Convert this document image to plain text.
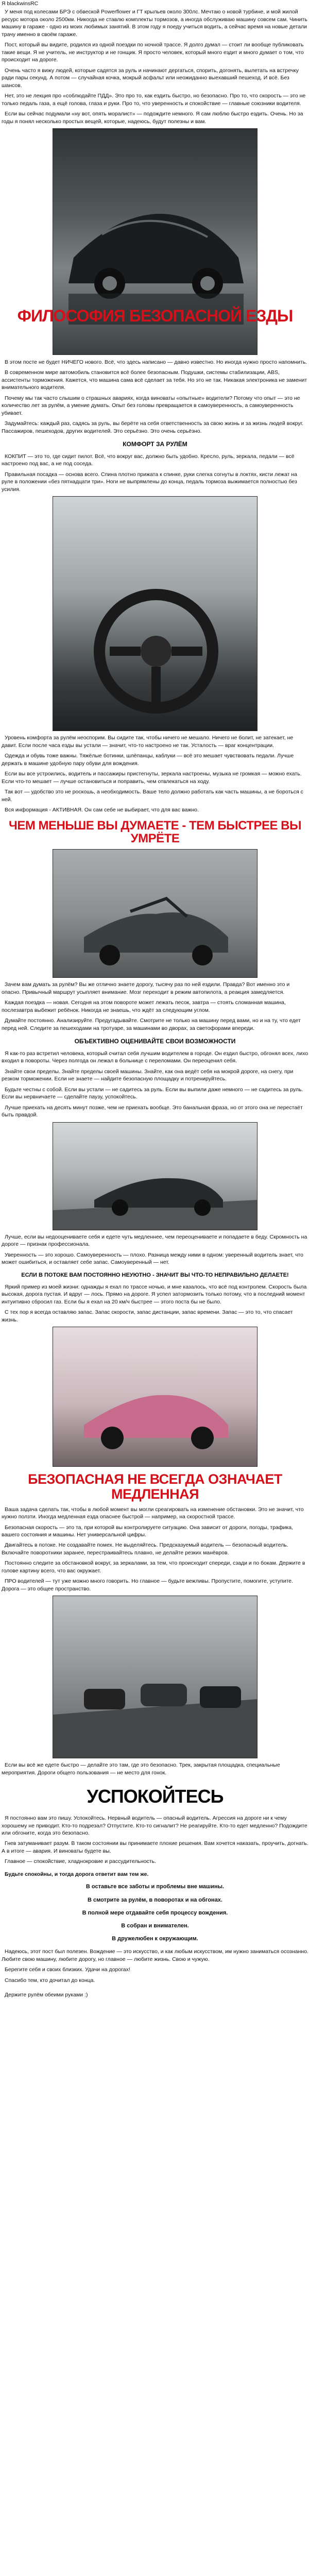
Я blackwinsRC

У меня под колесами БРЭ с обвеской Powerflower и ГТ крыльев около 300лс. Мечтаю о новой турбине, и мой жилой ресурс мотора около 2500км. Никогда не ставлю комплекты тормозов, а иногда обслуживаю машину совсем сам. Чинить машину в гараже - одно из моих любимых занятий. В этом году я поеду учиться водить, а сейчас время на новые детали трачу именно в своём гараже.

Пост, который вы видите, родился из одной поездки по ночной трассе. Я долго думал — стоит ли вообще публиковать такие вещи. Я не учитель, не инструктор и не гонщик. Я просто человек, который много ездит и много думает о том, что происходит на дороге.

Очень часто я вижу людей, которые садятся за руль и начинают дергаться, спорить, догонять, вылетать на встречку ради пары секунд. А потом — случайная кочка, мокрый асфальт или неожиданно выехавший пешеход. И всё. Без шансов.

Нет, это не лекция про «соблюдайте ПДД». Это про то, как ездить быстро, но безопасно. Про то, что скорость — это не только педаль газа, а ещё голова, глаза и руки. Про то, что уверенность и спокойствие — главные союзники водителя.

Если вы сейчас подумали «ну вот, опять моралист» — подождите немного. Я сам люблю быстро ездить. Очень. Но за годы я понял несколько простых вещей, которые, надеюсь, будут полезны и вам.

ФИЛОСОФИЯ БЕЗОПАСНОЙ ЕЗДЫ

В этом посте не будет НИЧЕГО нового. Всё, что здесь написано — давно известно. Но иногда нужно просто напомнить.

В современном мире автомобиль становится всё более безопасным. Подушки, системы стабилизации, ABS, ассистенты торможения. Кажется, что машина сама всё сделает за тебя. Но это не так. Никакая электроника не заменит внимательного водителя.

Почему мы так часто слышим о страшных авариях, когда виноваты «опытные» водители? Потому что опыт — это не количество лет за рулём, а умение думать. Опыт без головы превращается в самоуверенность, а самоуверенность убивает.

Задумайтесь: каждый раз, садясь за руль, вы берёте на себя ответственность за свою жизнь и за жизнь людей вокруг. Пассажиров, пешеходов, других водителей. Это серьёзно. Это очень серьёзно.

КОМФОРТ ЗА РУЛЁМ

КОКПИТ — это то, где сидит пилот. Всё, что вокруг вас, должно быть удобно. Кресло, руль, зеркала, педали — всё настроено под вас, а не под соседа.

Правильная посадка — основа всего. Спина плотно прижата к спинке, руки слегка согнуты в локтях, кисти лежат на руле в положении «без пятнадцати три». Ноги не выпрямлены до конца, педаль тормоза выжимается полностью без усилия.

Уровень комфорта за рулём неоспорим. Вы сидите так, чтобы ничего не мешало. Ничего не болит, не затекает, не давит. Если после часа езды вы устали — значит, что-то настроено не так. Усталость — враг концентрации.

Одежда и обувь тоже важны. Тяжёлые ботинки, шлёпанцы, каблуки — всё это мешает чувствовать педали. Лучше держать в машине удобную пару обуви для вождения.

Если вы все устроились, водитель и пассажиры пристегнуты, зеркала настроены, музыка не громкая — можно ехать. Если что-то мешает — лучше остановиться и поправить, чем отвлекаться на ходу.

Так вот — удобство это не роскошь, а необходимость. Ваше тело должно работать как часть машины, а не бороться с ней.

Вся информация - АКТИВНАЯ. Он сам себе не выбирает, что для вас важно.

ЧЕМ МЕНЬШЕ ВЫ ДУМАЕТЕ - ТЕМ БЫСТРЕЕ ВЫ УМРЁТЕ

Зачем вам думать за рулём? Вы же отлично знаете дорогу, тысячу раз по ней ездили. Правда? Вот именно это и опасно. Привычный маршрут усыпляет внимание. Мозг переходит в режим автопилота, а реакция замедляется.

Каждая поездка — новая. Сегодня на этом повороте может лежать песок, завтра — стоять сломанная машина, послезавтра выбежит ребёнок. Никогда не знаешь, что ждёт за следующим углом.

Думайте постоянно. Анализируйте. Предугадывайте. Смотрите не только на машину перед вами, но и на ту, что едет перед ней. Следите за пешеходами на тротуаре, за машинами во дворах, за светофорами впереди.

ОБЪЕКТИВНО ОЦЕНИВАЙТЕ СВОИ ВОЗМОЖНОСТИ

Я как-то раз встретил человека, который считал себя лучшим водителем в городе. Он ездил быстро, обгонял всех, лихо входил в повороты. Через полгода он лежал в больнице с переломами. Он переоценил себя.

Знайте свои пределы. Знайте пределы своей машины. Знайте, как она ведёт себя на мокрой дороге, на снегу, при резком торможении. Если не знаете — найдите безопасную площадку и потренируйтесь.

Будьте честны с собой. Если вы устали — не садитесь за руль. Если вы выпили даже немного — не садитесь за руль. Если вы нервничаете — сделайте паузу, успокойтесь.

Лучше приехать на десять минут позже, чем не приехать вообще. Это банальная фраза, но от этого она не перестаёт быть правдой.

Лучше, если вы недооцениваете себя и едете чуть медленнее, чем переоцениваете и попадаете в беду. Скромность на дороге — признак профессионала.

Уверенность — это хорошо. Самоуверенность — плохо. Разница между ними в одном: уверенный водитель знает, что может ошибиться, и оставляет себе запас. Самоуверенный — нет.

ЕСЛИ В ПОТОКЕ ВАМ ПОСТОЯННО НЕУЮТНО - ЗНАЧИТ ВЫ ЧТО-ТО НЕПРАВИЛЬНО ДЕЛАЕТЕ!

Яркий пример из моей жизни: однажды я ехал по трассе ночью, и мне казалось, что всё под контролем. Скорость была высокая, дорога пустая. И вдруг — лось. Прямо на дороге. Я успел затормозить только потому, что в последний момент интуитивно сбросил газ. Если бы я ехал на 20 км/ч быстрее — этого поста бы не было.

С тех пор я всегда оставляю запас. Запас скорости, запас дистанции, запас времени. Запас — это то, что спасает жизнь.

БЕЗОПАСНАЯ НЕ ВСЕГДА ОЗНАЧАЕТ МЕДЛЕННАЯ

Ваша задача сделать так, чтобы в любой момент вы могли среагировать на изменение обстановки. Это не значит, что нужно ползти. Иногда медленная езда опаснее быстрой — например, на скоростной трассе.

Безопасная скорость — это та, при которой вы контролируете ситуацию. Она зависит от дороги, погоды, трафика, вашего состояния и машины. Нет универсальной цифры.

Двигайтесь в потоке. Не создавайте помех. Не выделяйтесь. Предсказуемый водитель — безопасный водитель. Включайте поворотники заранее, перестраивайтесь плавно, не делайте резких манёвров.

Постоянно следите за обстановкой вокруг, за зеркалами, за тем, что происходит спереди, сзади и по бокам. Держите в голове картину всего, что вас окружает.

ПРО водителей — тут уже можно много говорить. Но главное — будьте вежливы. Пропустите, помогите, уступите. Дорога — это общее пространство.

Если вы всё же едете быстро — делайте это там, где это безопасно. Трек, закрытая площадка, специальные мероприятия. Дороги общего пользования — не место для гонок.

УСПОКОЙТЕСЬ

Я постоянно вам это пишу. Успокойтесь. Нервный водитель — опасный водитель. Агрессия на дороге ни к чему хорошему не приводит. Кто-то подрезал? Отпустите. Кто-то сигналит? Не реагируйте. Кто-то едет медленно? Подождите или обгоните, когда это безопасно.

Гнев затуманивает разум. В таком состоянии вы принимаете плохие решения. Вам хочется наказать, проучить, догнать. А в итоге — авария. И виноваты будете вы.

Главное — спокойствие, хладнокровие и рассудительность.

Будьте спокойны, и тогда дорога ответит вам тем же.

В оставьте все заботы и проблемы вне машины.
В смотрите за рулём, в поворотах и на обгонах.
В полной мере отдавайте себя процессу вождения.
В собран и внимателен.
В дружелюбен к окружающим.

Надеюсь, этот пост был полезен. Вождение — это искусство, и как любым искусством, им нужно заниматься осознанно. Любите свою машину, любите дорогу, но главное — любите жизнь. Свою и чужую.

Берегите себя и своих близких. Удачи на дорогах!

Спасибо тем, кто дочитал до конца.

Держите рулём обеими руками :)
